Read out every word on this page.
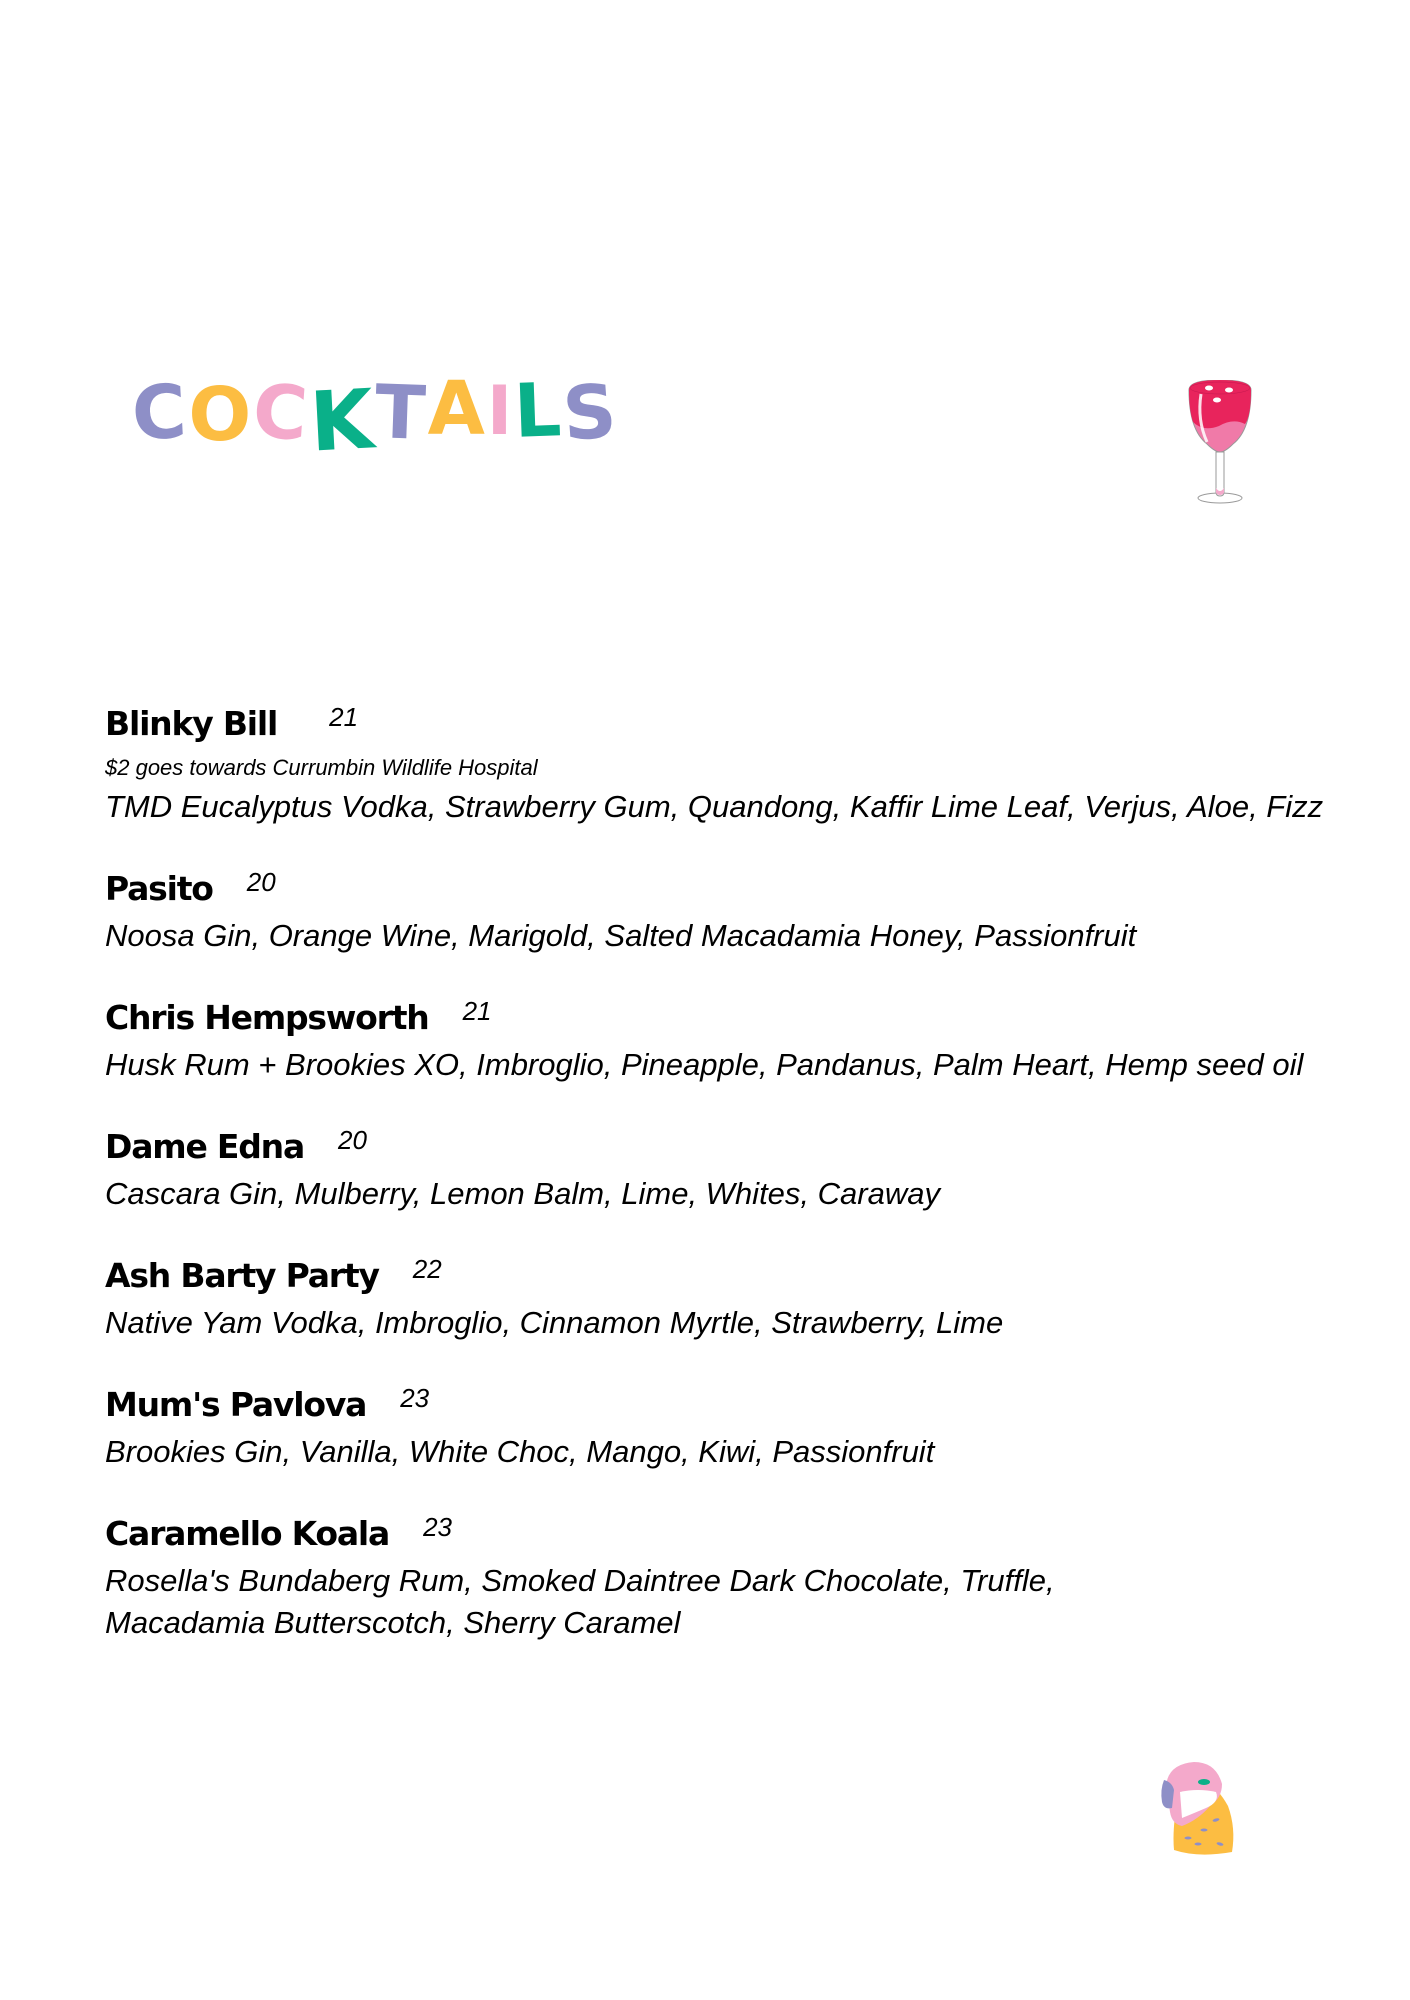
C
O
C
K
T
A I
L
S
Blinky Bill 21
$2 goes towards Currumbin Wildlife Hospital
TMD Eucalyptus Vodka, Strawberry Gum, Quandong, Kaffir Lime Leaf, Verjus, Aloe, Fizz
Pasito 20
Noosa Gin, Orange Wine, Marigold, Salted Macadamia Honey, Passionfruit
Chris Hempsworth 21
Husk Rum + Brookies XO, Imbroglio, Pineapple, Pandanus, Palm Heart, Hemp seed oil
Dame Edna 20
Cascara Gin, Mulberry, Lemon Balm, Lime, Whites, Caraway
Ash Barty Party 22
Native Yam Vodka, Imbroglio, Cinnamon Myrtle, Strawberry, Lime
Mum's Pavlova 23
Brookies Gin, Vanilla, White Choc, Mango, Kiwi, Passionfruit
Caramello Koala 23
Rosella's Bundaberg Rum, Smoked Daintree Dark Chocolate, Truffle, Macadamia Butterscotch, Sherry Caramel
